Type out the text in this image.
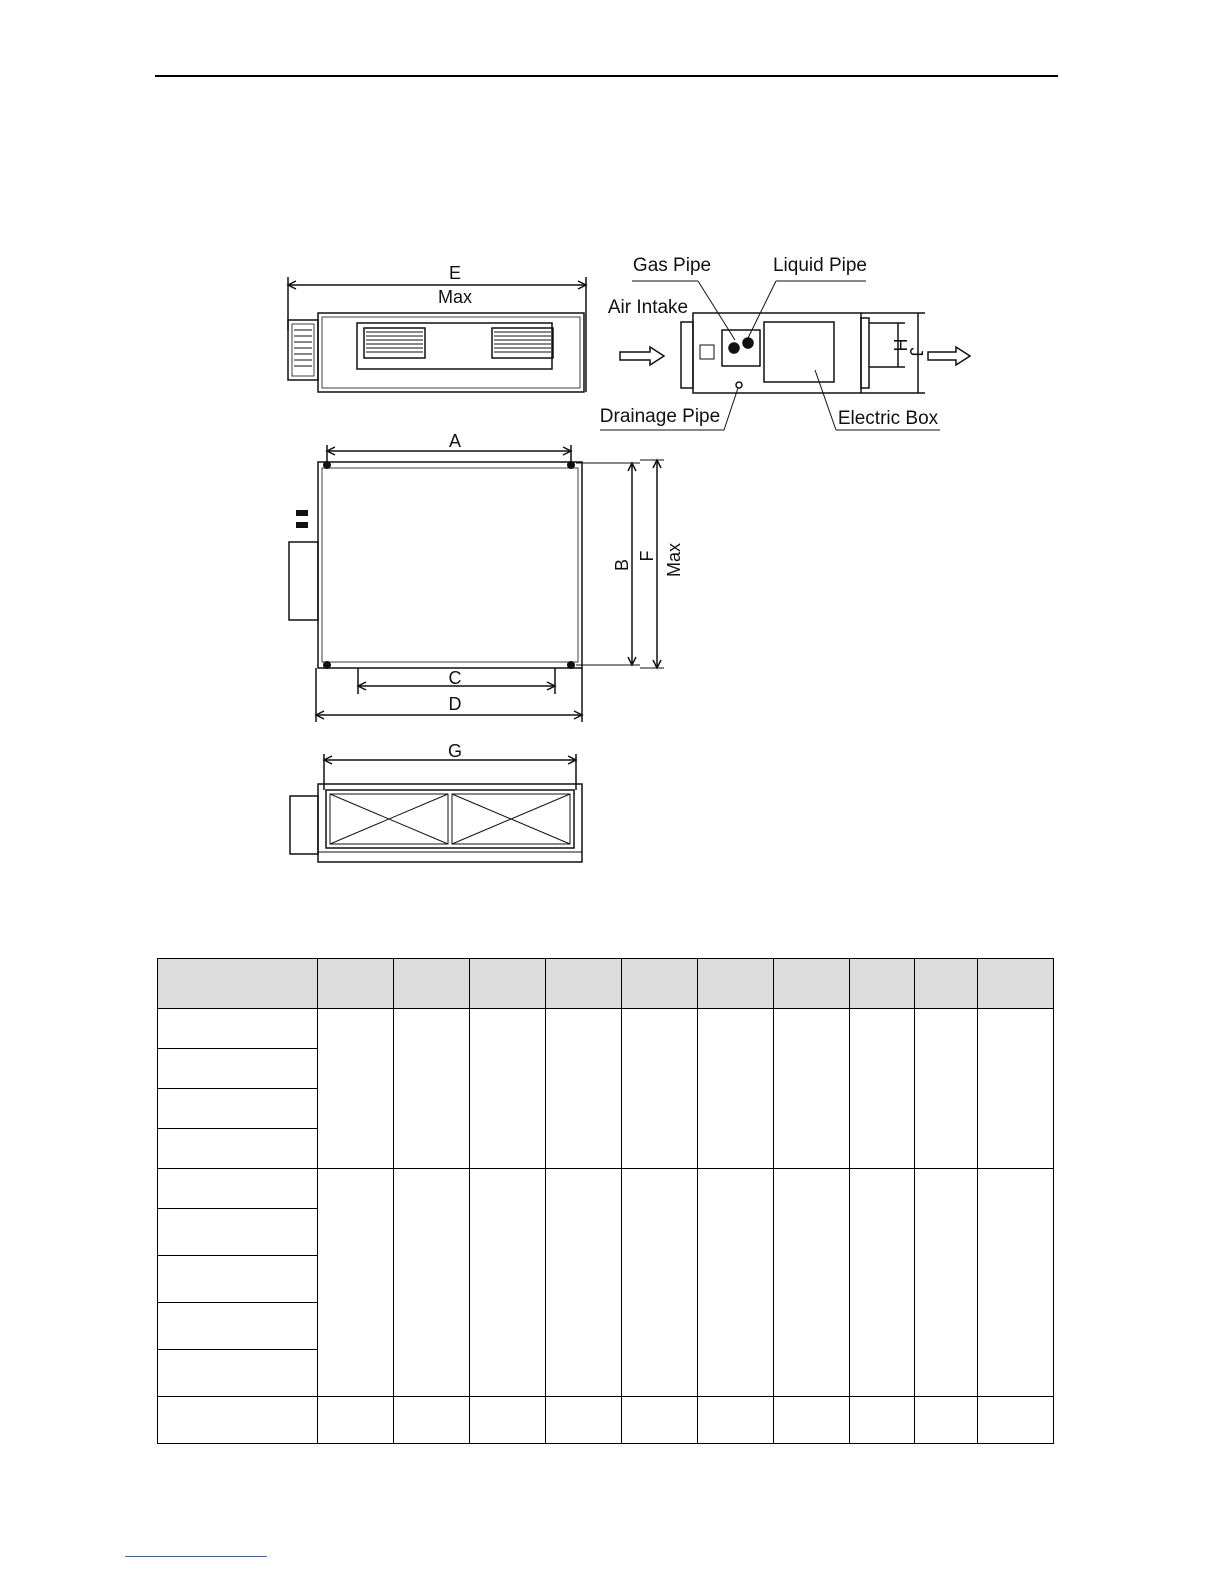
E
Max
Gas Pipe	Liquid Pipe
Air Intake
Drainage Pipe	Electric Box
H
J
A
B
F Max
C
D
G
